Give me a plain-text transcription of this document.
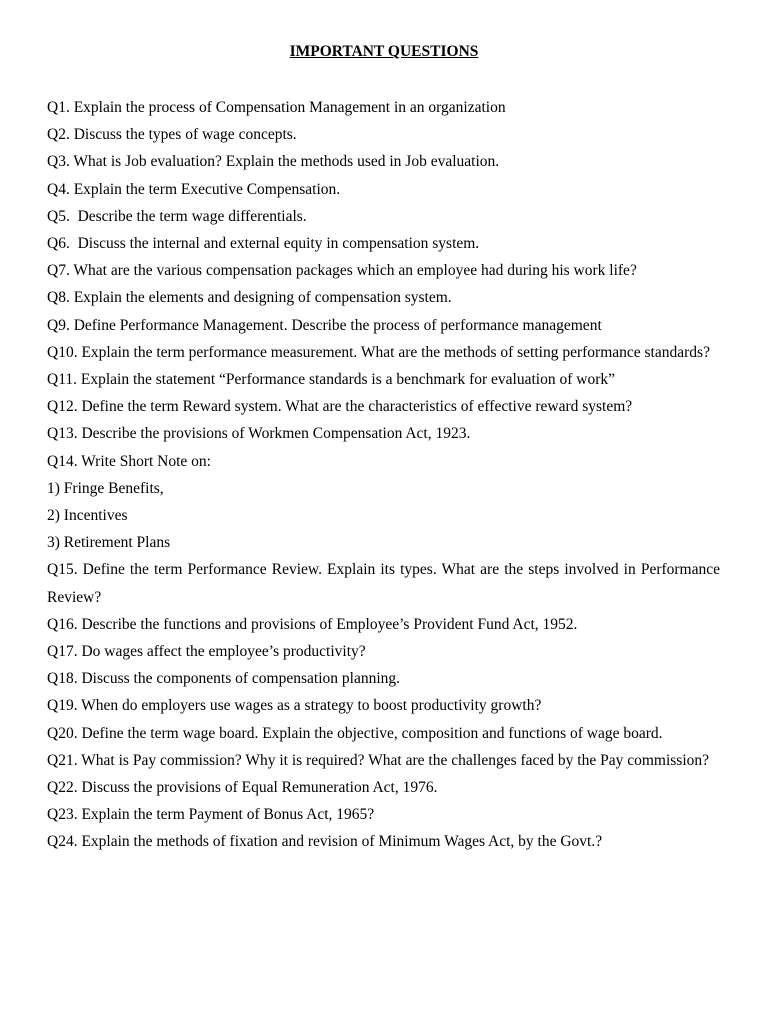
IMPORTANT QUESTIONS
Q1. Explain the process of Compensation Management in an organization
Q2. Discuss the types of wage concepts.
Q3. What is Job evaluation? Explain the methods used in Job evaluation.
Q4. Explain the term Executive Compensation.
Q5.  Describe the term wage differentials.
Q6.  Discuss the internal and external equity in compensation system.
Q7. What are the various compensation packages which an employee had during his work life?
Q8. Explain the elements and designing of compensation system.
Q9. Define Performance Management. Describe the process of performance management
Q10. Explain the term performance measurement. What are the methods of setting performance standards?
Q11. Explain the statement “Performance standards is a benchmark for evaluation of work”
Q12. Define the term Reward system. What are the characteristics of effective reward system?
Q13. Describe the provisions of Workmen Compensation Act, 1923.
Q14. Write Short Note on:
1) Fringe Benefits,
2) Incentives
3) Retirement Plans
Q15. Define the term Performance Review. Explain its types. What are the steps involved in Performance Review?
Q16. Describe the functions and provisions of Employee’s Provident Fund Act, 1952.
Q17. Do wages affect the employee’s productivity?
Q18. Discuss the components of compensation planning.
Q19. When do employers use wages as a strategy to boost productivity growth?
Q20. Define the term wage board. Explain the objective, composition and functions of wage board.
Q21. What is Pay commission? Why it is required? What are the challenges faced by the Pay commission?
Q22. Discuss the provisions of Equal Remuneration Act, 1976.
Q23. Explain the term Payment of Bonus Act, 1965?
Q24. Explain the methods of fixation and revision of Minimum Wages Act, by the Govt.?
